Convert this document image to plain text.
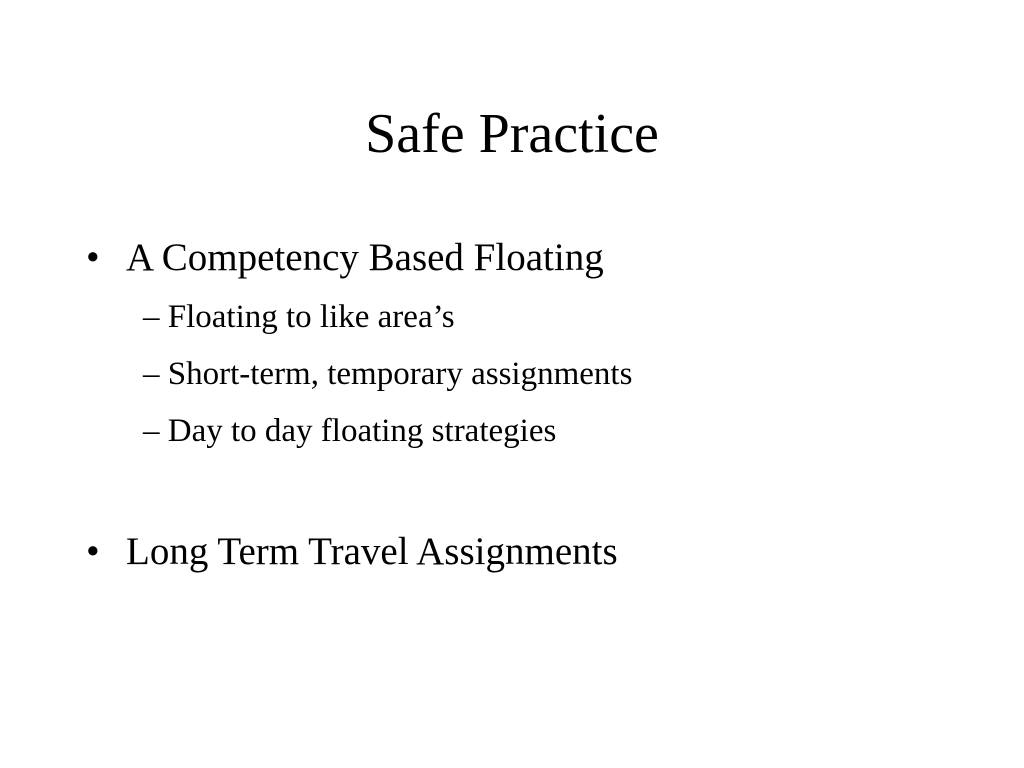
Safe Practice
• A Competency Based Floating
– Floating to like area’s
– Short-term, temporary assignments
– Day to day floating strategies
• Long Term Travel Assignments
